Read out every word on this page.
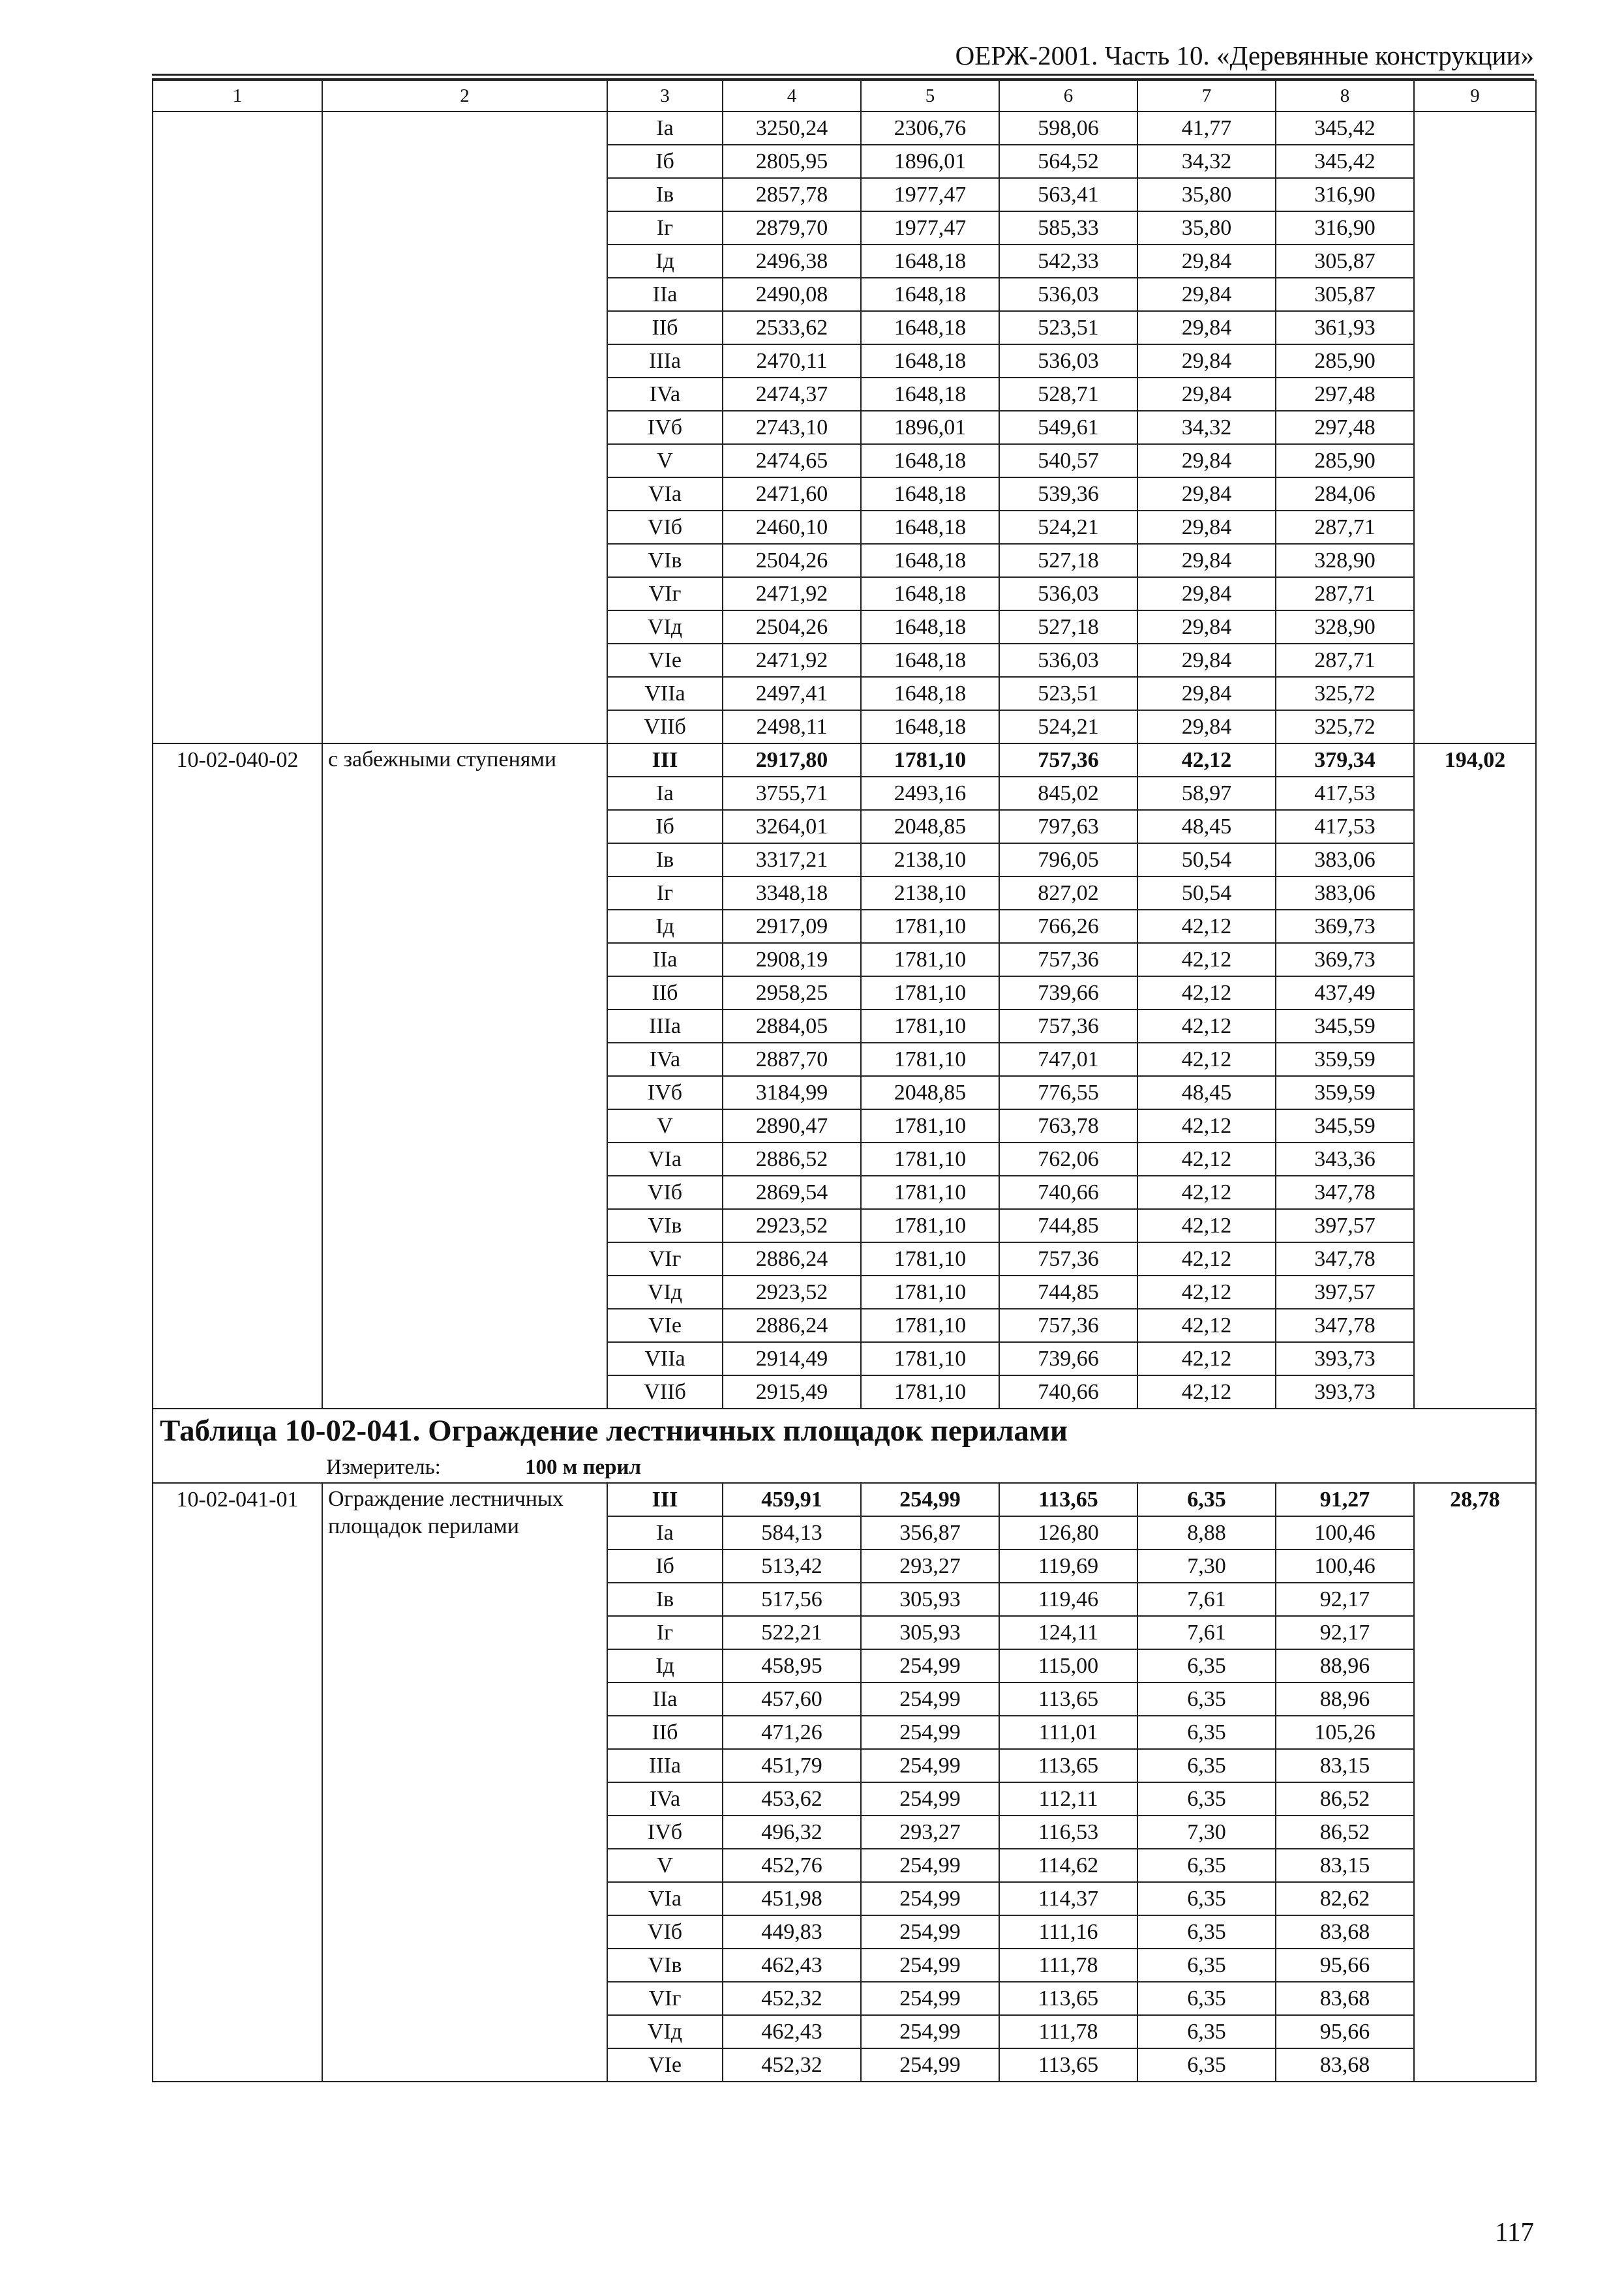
ОЕРЖ-2001. Часть 10. «Деревянные конструкции»
1	2	3	4	5	6	7	8	9
		Ia	3250,24	2306,76	598,06	41,77	345,42	
		Iб	2805,95	1896,01	564,52	34,32	345,42	
		Iв	2857,78	1977,47	563,41	35,80	316,90	
		Iг	2879,70	1977,47	585,33	35,80	316,90	
		Iд	2496,38	1648,18	542,33	29,84	305,87	
		IIa	2490,08	1648,18	536,03	29,84	305,87	
		IIб	2533,62	1648,18	523,51	29,84	361,93	
		IIIa	2470,11	1648,18	536,03	29,84	285,90	
		IVa	2474,37	1648,18	528,71	29,84	297,48	
		IVб	2743,10	1896,01	549,61	34,32	297,48	
		V	2474,65	1648,18	540,57	29,84	285,90	
		VIa	2471,60	1648,18	539,36	29,84	284,06	
		VIб	2460,10	1648,18	524,21	29,84	287,71	
		VIв	2504,26	1648,18	527,18	29,84	328,90	
		VIг	2471,92	1648,18	536,03	29,84	287,71	
		VIд	2504,26	1648,18	527,18	29,84	328,90	
		VIe	2471,92	1648,18	536,03	29,84	287,71	
		VIIa	2497,41	1648,18	523,51	29,84	325,72	
		VIIб	2498,11	1648,18	524,21	29,84	325,72	
10-02-040-02	с забежными ступенями	III	2917,80	1781,10	757,36	42,12	379,34	194,02
		Ia	3755,71	2493,16	845,02	58,97	417,53	
		Iб	3264,01	2048,85	797,63	48,45	417,53	
		Iв	3317,21	2138,10	796,05	50,54	383,06	
		Iг	3348,18	2138,10	827,02	50,54	383,06	
		Iд	2917,09	1781,10	766,26	42,12	369,73	
		IIa	2908,19	1781,10	757,36	42,12	369,73	
		IIб	2958,25	1781,10	739,66	42,12	437,49	
		IIIa	2884,05	1781,10	757,36	42,12	345,59	
		IVa	2887,70	1781,10	747,01	42,12	359,59	
		IVб	3184,99	2048,85	776,55	48,45	359,59	
		V	2890,47	1781,10	763,78	42,12	345,59	
		VIa	2886,52	1781,10	762,06	42,12	343,36	
		VIб	2869,54	1781,10	740,66	42,12	347,78	
		VIв	2923,52	1781,10	744,85	42,12	397,57	
		VIг	2886,24	1781,10	757,36	42,12	347,78	
		VIд	2923,52	1781,10	744,85	42,12	397,57	
		VIe	2886,24	1781,10	757,36	42,12	347,78	
		VIIa	2914,49	1781,10	739,66	42,12	393,73	
		VIIб	2915,49	1781,10	740,66	42,12	393,73	
Таблица 10-02-041. Ограждение лестничных площадок перилами								
Измеритель: 100 м перил								
10-02-041-01	Ограждение лестничных площадок перилами	III	459,91	254,99	113,65	6,35	91,27	28,78
		Ia	584,13	356,87	126,80	8,88	100,46	
		Iб	513,42	293,27	119,69	7,30	100,46	
		Iв	517,56	305,93	119,46	7,61	92,17	
		Iг	522,21	305,93	124,11	7,61	92,17	
		Iд	458,95	254,99	115,00	6,35	88,96	
		IIa	457,60	254,99	113,65	6,35	88,96	
		IIб	471,26	254,99	111,01	6,35	105,26	
		IIIa	451,79	254,99	113,65	6,35	83,15	
		IVa	453,62	254,99	112,11	6,35	86,52	
		IVб	496,32	293,27	116,53	7,30	86,52	
		V	452,76	254,99	114,62	6,35	83,15	
		VIa	451,98	254,99	114,37	6,35	82,62	
		VIб	449,83	254,99	111,16	6,35	83,68	
		VIв	462,43	254,99	111,78	6,35	95,66	
		VIг	452,32	254,99	113,65	6,35	83,68	
		VIд	462,43	254,99	111,78	6,35	95,66	
		VIe	452,32	254,99	113,65	6,35	83,68	
117
